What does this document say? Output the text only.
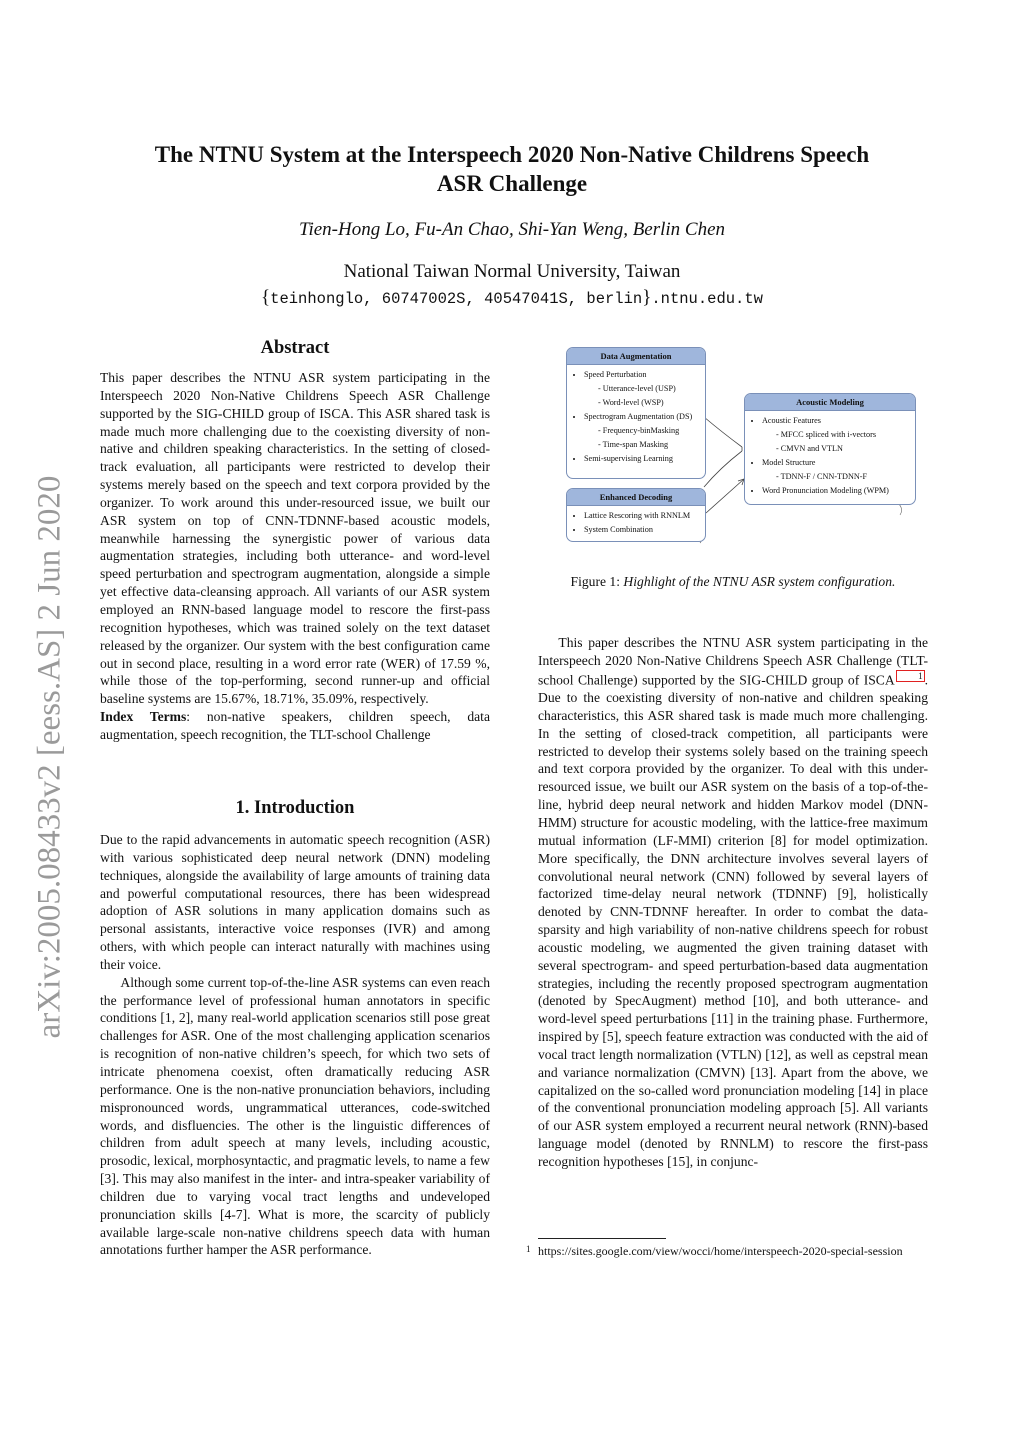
The NTNU System at the Interspeech 2020 Non-Native Childrens Speech
ASR Challenge
Tien-Hong Lo, Fu-An Chao, Shi-Yan Weng, Berlin Chen
National Taiwan Normal University, Taiwan
{teinhonglo, 60747002S, 40547041S, berlin}.ntnu.edu.tw
arXiv:2005.08433v2 [eess.AS] 2 Jun 2020
Abstract

This paper describes the NTNU ASR system participating in the Interspeech 2020 Non-Native Childrens Speech ASR Challenge supported by the SIG-CHILD group of ISCA. This ASR shared task is made much more challenging due to the coexisting diversity of non-native and children speaking characteristics. In the setting of closed-track evaluation, all participants were restricted to develop their systems merely based on the speech and text corpora provided by the organizer. To work around this under-resourced issue, we built our ASR system on top of CNN-TDNNF-based acoustic models, meanwhile harnessing the synergistic power of various data augmentation strategies, including both utterance- and word-level speed perturbation and spectrogram augmentation, alongside a simple yet effective data-cleansing approach. All variants of our ASR system employed an RNN-based language model to rescore the first-pass recognition hypotheses, which was trained solely on the text dataset released by the organizer. Our system with the best configuration came out in second place, resulting in a word error rate (WER) of 17.59 %, while those of the top-performing, second runner-up and official baseline systems are 15.67%, 18.71%, 35.09%, respectively.

Index Terms: non-native speakers, children speech, data augmentation, speech recognition, the TLT-school Challenge

1. Introduction

Due to the rapid advancements in automatic speech recognition (ASR) with various sophisticated deep neural network (DNN) modeling techniques, alongside the availability of large amounts of training data and powerful computational resources, there has been widespread adoption of ASR solutions in many application domains such as personal assistants, interactive voice responses (IVR) and among others, with which people can interact naturally with machines using their voice.

Although some current top-of-the-line ASR systems can even reach the performance level of professional human annotators in specific conditions [1, 2], many real-world application scenarios still pose great challenges for ASR. One of the most challenging application scenarios is recognition of non-native children’s speech, for which two sets of intricate phenomena coexist, often dramatically reducing ASR performance. One is the non-native pronunciation behaviors, including mispronounced words, ungrammatical utterances, code-switched words, and disfluencies. The other is the linguistic differences of children from adult speech at many levels, including acoustic, prosodic, lexical, morphosyntactic, and pragmatic levels, to name a few [3]. This may also manifest in the inter- and intra-speaker variability of children due to varying vocal tract lengths and undeveloped pronunciation skills [4-7]. What is more, the scarcity of publicly available large-scale non-native childrens speech data with human annotations further hamper the ASR performance.

Data Augmentation
• Speed Perturbation
- Utterance-level (USP)
- Word-level (WSP)
• Spectrogram Augmentation (DS)
- Frequency-binMasking
- Time-span Masking
• Semi-supervising Learning
Enhanced Decoding
• Lattice Rescoring with RNNLM
• System Combination
Acoustic Modeling
• Acoustic Features
- MFCC spliced with i-vectors
- CMVN and VTLN
• Model Structure
- TDNN-F / CNN-TDNN-F
• Word Pronunciation Modeling (WPM)
Figure 1: Highlight of the NTNU ASR system configuration.

This paper describes the NTNU ASR system participating in the Interspeech 2020 Non-Native Childrens Speech ASR Challenge (TLT-school Challenge) supported by the SIG-CHILD group of ISCA	1 . Due to the coexisting diversity of non-native and children speaking characteristics, this ASR shared task is made much more challenging. In the setting of closed-track competition, all participants were restricted to develop their systems solely based on the training speech and text corpora provided by the organizer. To deal with this under-resourced issue, we built our ASR system on the basis of a top-of-the-line, hybrid deep neural network and hidden Markov model (DNN-HMM) structure for acoustic modeling, with the lattice-free maximum mutual information (LF-MMI) criterion [8] for model optimization. More specifically, the DNN architecture involves several layers of convolutional neural network (CNN) followed by several layers of factorized time-delay neural network (TDNNF) [9], holistically denoted by CNN-TDNNF hereafter. In order to combat the data-sparsity and high variability of non-native childrens speech for robust acoustic modeling, we augmented the given training dataset with several spectrogram- and speed perturbation-based data augmentation strategies, including the recently proposed spectrogram augmentation (denoted by SpecAugment) method [10], and both utterance- and word-level speed perturbations [11] in the training phase. Furthermore, inspired by [5], speech feature extraction was conducted with the aid of vocal tract length normalization (VTLN) [12], as well as cepstral mean and variance normalization (CMVN) [13]. Apart from the above, we capitalized on the so-called word pronunciation modeling [14] in place of the conventional pronunciation modeling approach [5]. All variants of our ASR system employed a recurrent neural network (RNN)-based language model (denoted by RNNLM) to rescore the first-pass recognition hypotheses [15], in conjunc-

1 https://sites.google.com/view/wocci/home/interspeech-2020-special-session
